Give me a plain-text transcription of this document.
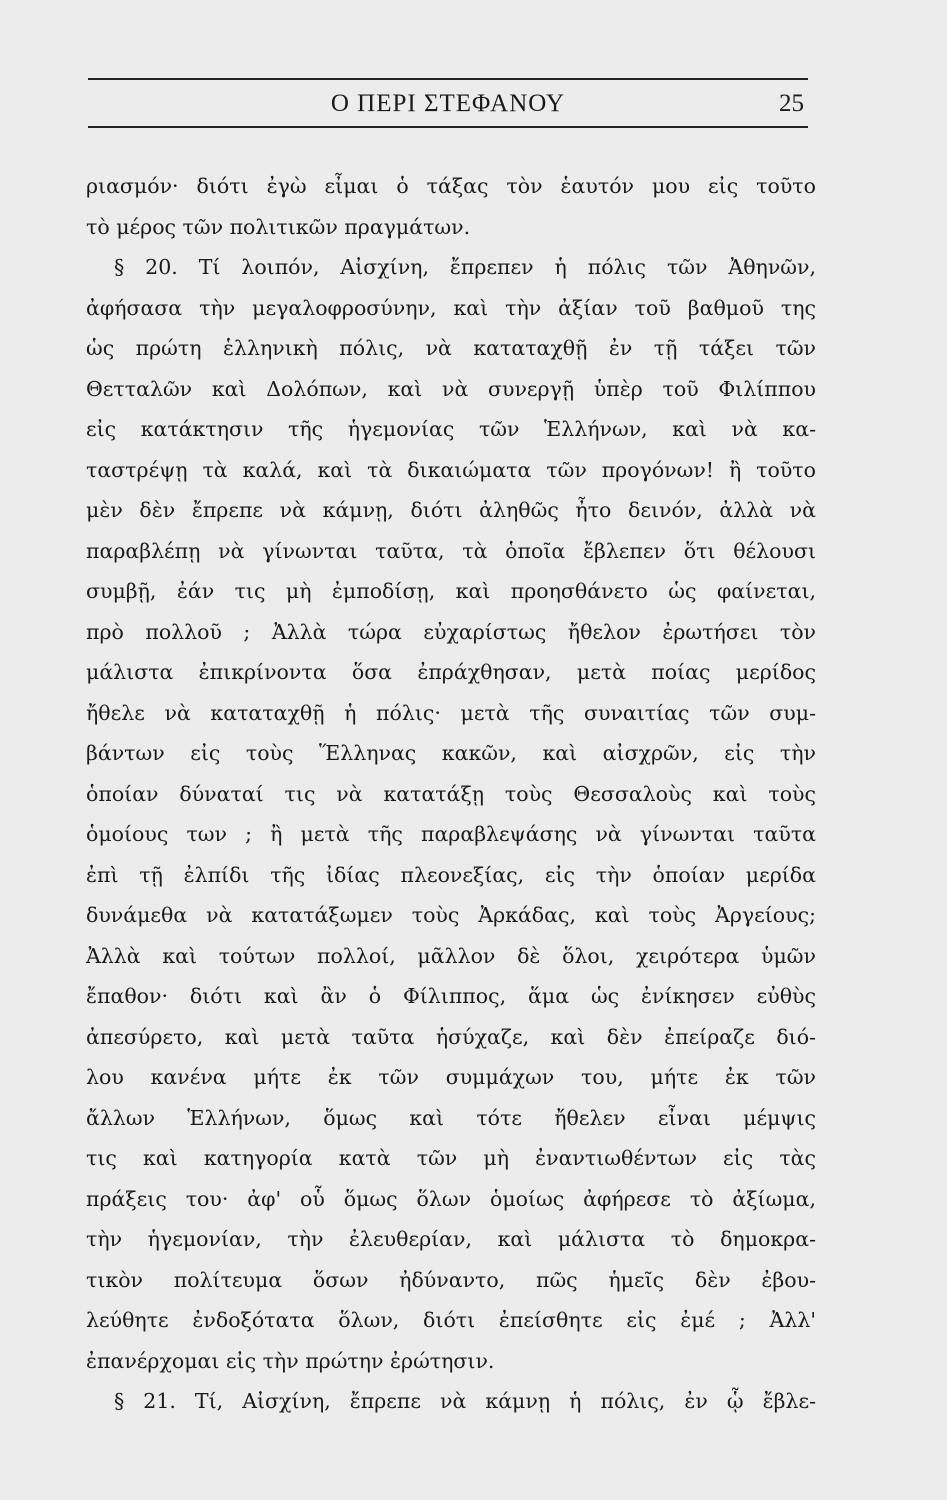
Ο ΠΕΡΙ ΣΤΕΦΑΝΟΥ	25
ριασμόν· διότι ἐγὼ εἶμαι ὁ τάξας τὸν ἑαυτόν μου εἰς τοῦτο
τὸ μέρος τῶν πολιτικῶν πραγμάτων.
§ 20. Τί λοιπόν, Αἰσχίνη, ἔπρεπεν ἡ πόλις τῶν Ἀθηνῶν,
ἀφήσασα τὴν μεγαλοφροσύνην, καὶ τὴν ἀξίαν τοῦ βαθμοῦ της
ὡς πρώτη ἑλληνικὴ πόλις, νὰ καταταχθῇ ἐν τῇ τάξει τῶν
Θετταλῶν καὶ Δολόπων, καὶ νὰ συνεργῇ ὑπὲρ τοῦ Φιλίππου
εἰς κατάκτησιν τῆς ἡγεμονίας τῶν Ἑλλήνων, καὶ νὰ κα-
ταστρέψῃ τὰ καλά, καὶ τὰ δικαιώματα τῶν προγόνων! ἢ τοῦτο
μὲν δὲν ἔπρεπε νὰ κάμνῃ, διότι ἀληθῶς ἦτο δεινόν, ἀλλὰ νὰ
παραβλέπῃ νὰ γίνωνται ταῦτα, τὰ ὁποῖα ἔβλεπεν ὅτι θέλουσι
συμβῇ, ἐάν τις μὴ ἐμποδίσῃ, καὶ προησθάνετο ὡς φαίνεται,
πρὸ πολλοῦ ; Ἀλλὰ τώρα εὐχαρίστως ἤθελον ἐρωτήσει τὸν
μάλιστα ἐπικρίνοντα ὅσα ἐπράχθησαν, μετὰ ποίας μερίδος
ἤθελε νὰ καταταχθῇ ἡ πόλις· μετὰ τῆς συναιτίας τῶν συμ-
βάντων εἰς τοὺς Ἕλληνας κακῶν, καὶ αἰσχρῶν, εἰς τὴν
ὁποίαν δύναταί τις νὰ κατατάξῃ τοὺς Θεσσαλοὺς καὶ τοὺς
ὁμοίους των ; ἢ μετὰ τῆς παραβλεψάσης νὰ γίνωνται ταῦτα
ἐπὶ τῇ ἐλπίδι τῆς ἰδίας πλεονεξίας, εἰς τὴν ὁποίαν μερίδα
δυνάμεθα νὰ κατατάξωμεν τοὺς Ἀρκάδας, καὶ τοὺς Ἀργείους;
Ἀλλὰ καὶ τούτων πολλοί, μᾶλλον δὲ ὅλοι, χειρότερα ὑμῶν
ἔπαθον· διότι καὶ ἂν ὁ Φίλιππος, ἅμα ὡς ἐνίκησεν εὐθὺς
ἀπεσύρετο, καὶ μετὰ ταῦτα ἡσύχαζε, καὶ δὲν ἐπείραζε διό-
λου κανένα μήτε ἐκ τῶν συμμάχων του, μήτε ἐκ τῶν
ἄλλων Ἑλλήνων, ὅμως καὶ τότε ἤθελεν εἶναι μέμψις
τις καὶ κατηγορία κατὰ τῶν μὴ ἐναντιωθέντων εἰς τὰς
πράξεις του· ἀφ' οὗ ὅμως ὅλων ὁμοίως ἀφήρεσε τὸ ἀξίωμα,
τὴν ἡγεμονίαν, τὴν ἐλευθερίαν, καὶ μάλιστα τὸ δημοκρα-
τικὸν πολίτευμα ὅσων ἠδύναντο, πῶς ἡμεῖς δὲν ἐβου-
λεύθητε ἐνδοξότατα ὅλων, διότι ἐπείσθητε εἰς ἐμέ ; Ἀλλ'
ἐπανέρχομαι εἰς τὴν πρώτην ἐρώτησιν.
§ 21. Τί, Αἰσχίνη, ἔπρεπε νὰ κάμνῃ ἡ πόλις, ἐν ᾧ ἔβλε-
